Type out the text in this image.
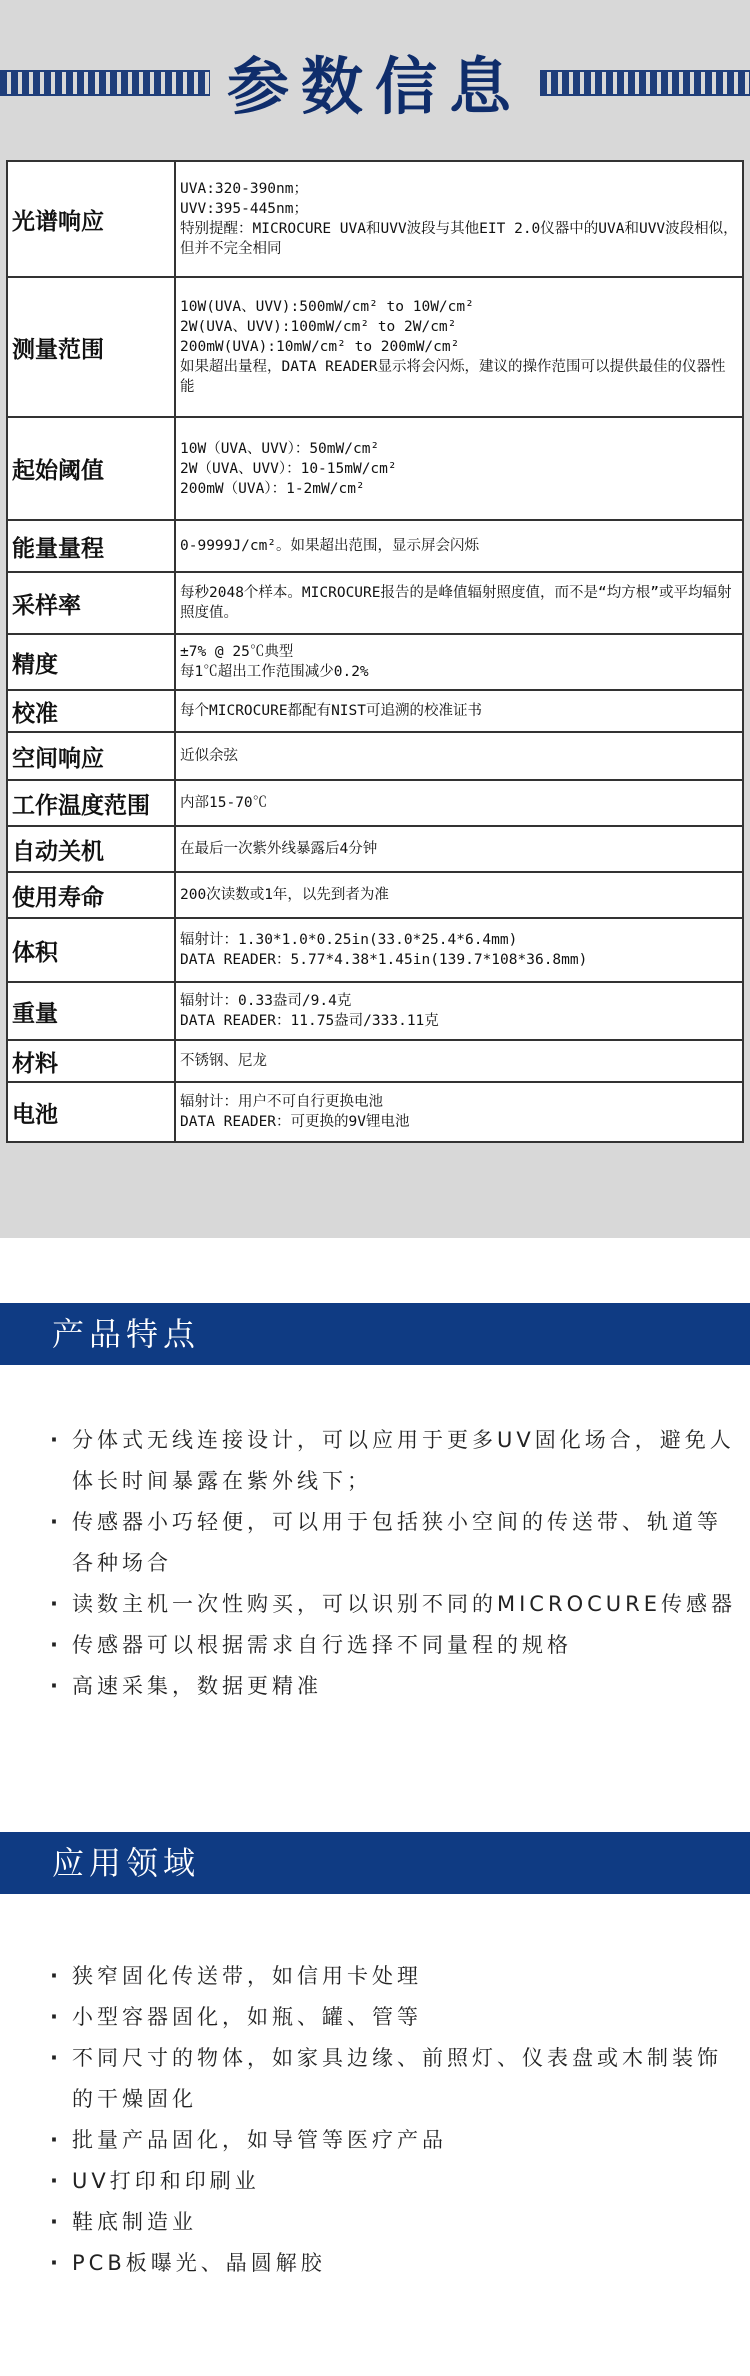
参数信息
光谱响应	UVA:320-390nm；
UVV:395-445nm；
特别提醒：MICROCURE UVA和UVV波段与其他EIT 2.0仪器中的UVA和UVV波段相似，但并不完全相同

测量范围	10W(UVA、UVV):500mW/cm² to 10W/cm²
2W(UVA、UVV):100mW/cm² to 2W/cm²
200mW(UVA):10mW/cm² to 200mW/cm²
如果超出量程，DATA READER显示将会闪烁，建议的操作范围可以提供最佳的仪器性能

起始阈值	10W（UVA、UVV）：50mW/cm²
2W（UVA、UVV）：10-15mW/cm²
200mW（UVA）：1-2mW/cm²

能量量程	0-9999J/cm²。如果超出范围，显示屏会闪烁

采样率	每秒2048个样本。MICROCURE报告的是峰值辐射照度值，而不是“均方根”或平均辐射照度值。

精度	±7% @ 25℃典型
每1℃超出工作范围减少0.2%

校准	每个MICROCURE都配有NIST可追溯的校准证书

空间响应	近似余弦

工作温度范围	内部15-70℃

自动关机	在最后一次紫外线暴露后4分钟

使用寿命	200次读数或1年，以先到者为准

体积	辐射计：1.30*1.0*0.25in(33.0*25.4*6.4mm)
DATA READER：5.77*4.38*1.45in(139.7*108*36.8mm)

重量	辐射计：0.33盎司/9.4克
DATA READER：11.75盎司/333.11克

材料	不锈钢、尼龙

电池	辐射计：用户不可自行更换电池
DATA READER：可更换的9V锂电池
产品特点
· 分体式无线连接设计，可以应用于更多UV固化场合，避免人体长时间暴露在紫外线下；
· 传感器小巧轻便，可以用于包括狭小空间的传送带、轨道等各种场合
· 读数主机一次性购买，可以识别不同的MICROCURE传感器
· 传感器可以根据需求自行选择不同量程的规格
· 高速采集，数据更精准
应用领域
· 狭窄固化传送带，如信用卡处理
· 小型容器固化，如瓶、罐、管等
· 不同尺寸的物体，如家具边缘、前照灯、仪表盘或木制装饰的干燥固化
· 批量产品固化，如导管等医疗产品
· UV打印和印刷业
· 鞋底制造业
· PCB板曝光、晶圆解胶
